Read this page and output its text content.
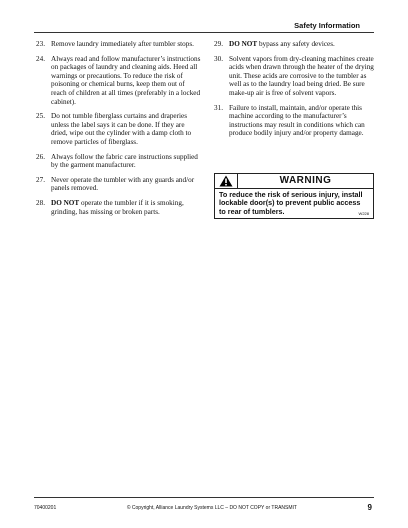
Safety Information
23. Remove laundry immediately after tumbler stops.
24. Always read and follow manufacturer’s instructions on packages of laundry and cleaning aids. Heed all warnings or precautions. To reduce the risk of poisoning or chemical burns, keep them out of reach of children at all times (preferably in a locked cabinet).
25. Do not tumble fiberglass curtains and draperies unless the label says it can be done. If they are dried, wipe out the cylinder with a damp cloth to remove particles of fiberglass.
26. Always follow the fabric care instructions supplied by the garment manufacturer.
27. Never operate the tumbler with any guards and/or panels removed.
28. DO NOT operate the tumbler if it is smoking, grinding, has missing or broken parts.
29. DO NOT bypass any safety devices.
30. Solvent vapors from dry-cleaning machines create acids when drawn through the heater of the drying unit. These acids are corrosive to the tumbler as well as to the laundry load being dried. Be sure make-up air is free of solvent vapors.
31. Failure to install, maintain, and/or operate this machine according to the manufacturer’s instructions may result in conditions which can produce bodily injury and/or property damage.
WARNING
To reduce the risk of serious injury, install lockable door(s) to prevent public access to rear of tumblers.	W228
70400201	© Copyright, Alliance Laundry Systems LLC – DO NOT COPY or TRANSMIT	9
